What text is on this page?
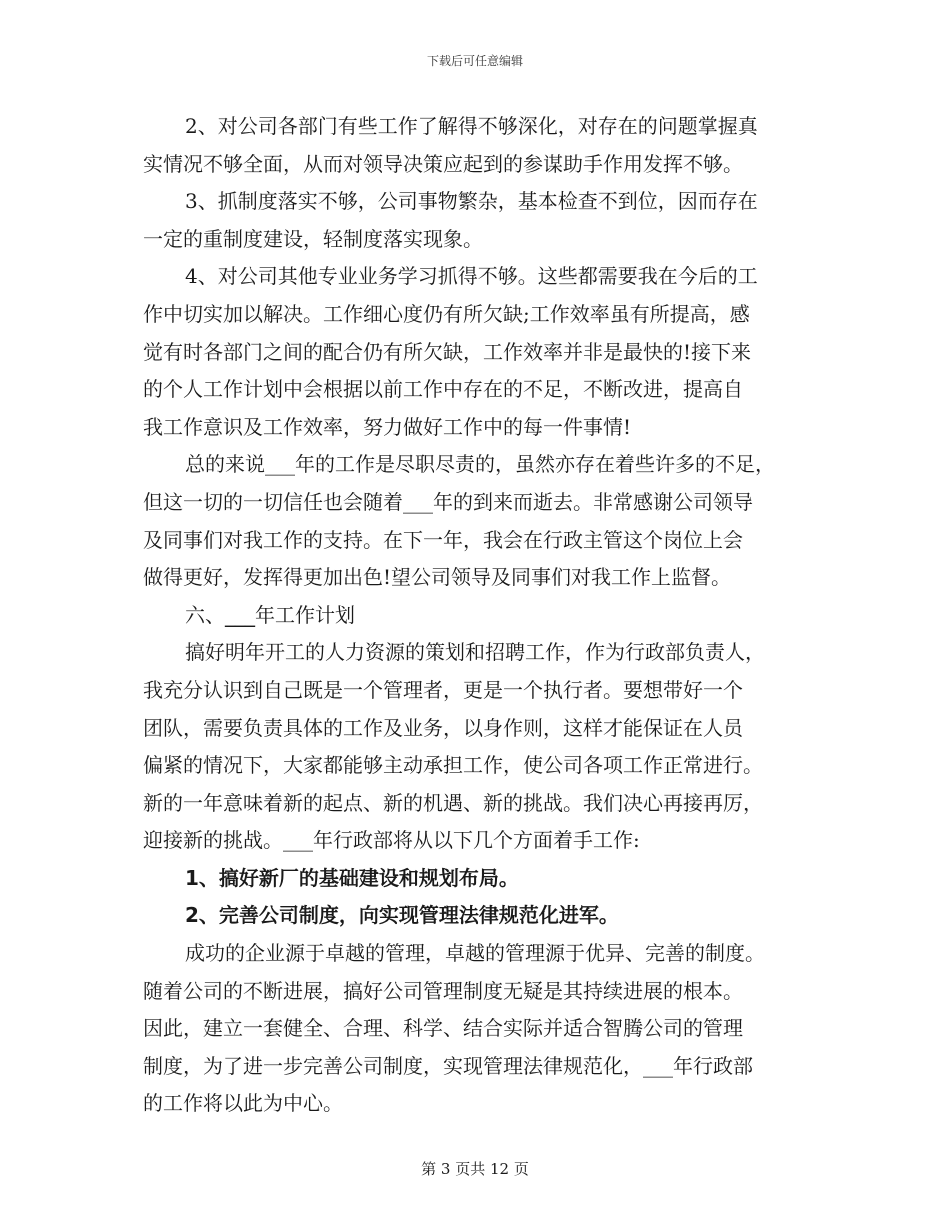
下载后可任意编辑

2、对公司各部门有些工作了解得不够深化，对存在的问题掌握真

实情况不够全面，从而对领导决策应起到的参谋助手作用发挥不够。

3、抓制度落实不够，公司事物繁杂，基本检查不到位，因而存在

一定的重制度建设，轻制度落实现象。

4、对公司其他专业业务学习抓得不够。这些都需要我在今后的工

作中切实加以解决。工作细心度仍有所欠缺;工作效率虽有所提高，感

觉有时各部门之间的配合仍有所欠缺，工作效率并非是最快的!接下来

的个人工作计划中会根据以前工作中存在的不足，不断改进，提高自

我工作意识及工作效率，努力做好工作中的每一件事情!

总的来说___年的工作是尽职尽责的，虽然亦存在着些许多的不足，

但这一切的一切信任也会随着___年的到来而逝去。非常感谢公司领导

及同事们对我工作的支持。在下一年，我会在行政主管这个岗位上会

做得更好，发挥得更加出色!望公司领导及同事们对我工作上监督。

六、___年工作计划

搞好明年开工的人力资源的策划和招聘工作，作为行政部负责人，

我充分认识到自己既是一个管理者，更是一个执行者。要想带好一个

团队，需要负责具体的工作及业务，以身作则，这样才能保证在人员

偏紧的情况下，大家都能够主动承担工作，使公司各项工作正常进行。

新的一年意味着新的起点、新的机遇、新的挑战。我们决心再接再厉，

迎接新的挑战。___年行政部将从以下几个方面着手工作:

1、搞好新厂的基础建设和规划布局。

2、完善公司制度，向实现管理法律规范化进军。

成功的企业源于卓越的管理，卓越的管理源于优异、完善的制度。

随着公司的不断进展，搞好公司管理制度无疑是其持续进展的根本。

因此，建立一套健全、合理、科学、结合实际并适合智腾公司的管理

制度，为了进一步完善公司制度，实现管理法律规范化，___年行政部

的工作将以此为中心。

第 3 页共 12 页
